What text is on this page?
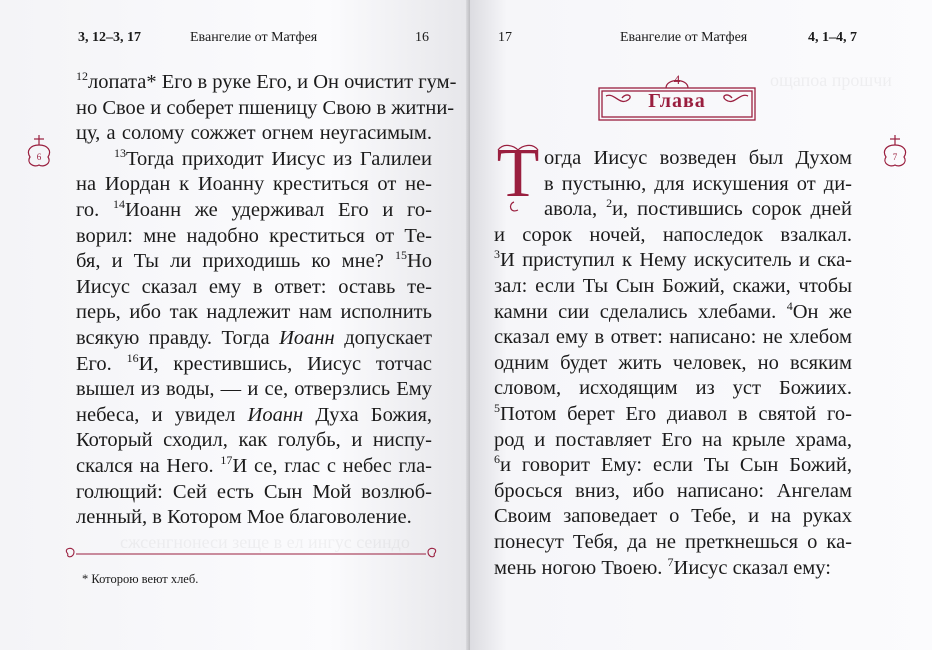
3, 12–3, 17	Евангелие от Матфея	16
6
$^{12}$лопата* Его в руке Его, и Он очистит гум-
но Свое и соберет пшеницу Свою в житни-
цу, а солому сожжет огнем неугасимым.
$^{13}$Тогда приходит Иисус из Галилеи
на Иордан к Иоанну креститься от не-
го. $^{14}$Иоанн же удерживал Его и го-
ворил: мне надобно креститься от Те-
бя, и Ты ли приходишь ко мне? $^{15}$Но
Иисус сказал ему в ответ: оставь те-
перь, ибо так надлежит нам исполнить
всякую правду. Тогда Иоанн допускает
Его. $^{16}$И, крестившись, Иисус тотчас
вышел из воды, — и се, отверзлись Ему
небеса, и увидел Иоанн Духа Божия,
Который сходил, как голубь, и ниспу-
скался на Него. $^{17}$И се, глас с небес гла-
голющий: Сей есть Сын Мой возлюб-
ленный, в Котором Мое благоволение.
сжсенгнонеси зеще в ел ингус сеиндо
* Которою веют хлеб.
17	Евангелие от Матфея	4, 1–4, 7
ощапоа прошчи
4
Глава
7
Т огда Иисус возведен был Духом
в пустыню, для искушения от ди-
авола, $^2$и, постившись сорок дней
и сорок ночей, напоследок взалкал.
$^3$И приступил к Нему искуситель и ска-
зал: если Ты Сын Божий, скажи, чтобы
камни сии сделались хлебами. $^4$Он же
сказал ему в ответ: написано: не хлебом
одним будет жить человек, но всяким
словом, исходящим из уст Божиих.
$^5$Потом берет Его диавол в святой го-
род и поставляет Его на крыле храма,
$^6$и говорит Ему: если Ты Сын Божий,
бросься вниз, ибо написано: Ангелам
Своим заповедает о Тебе, и на руках
понесут Тебя, да не преткнешься о ка-
мень ногою Твоею. $^7$Иисус сказал ему:
